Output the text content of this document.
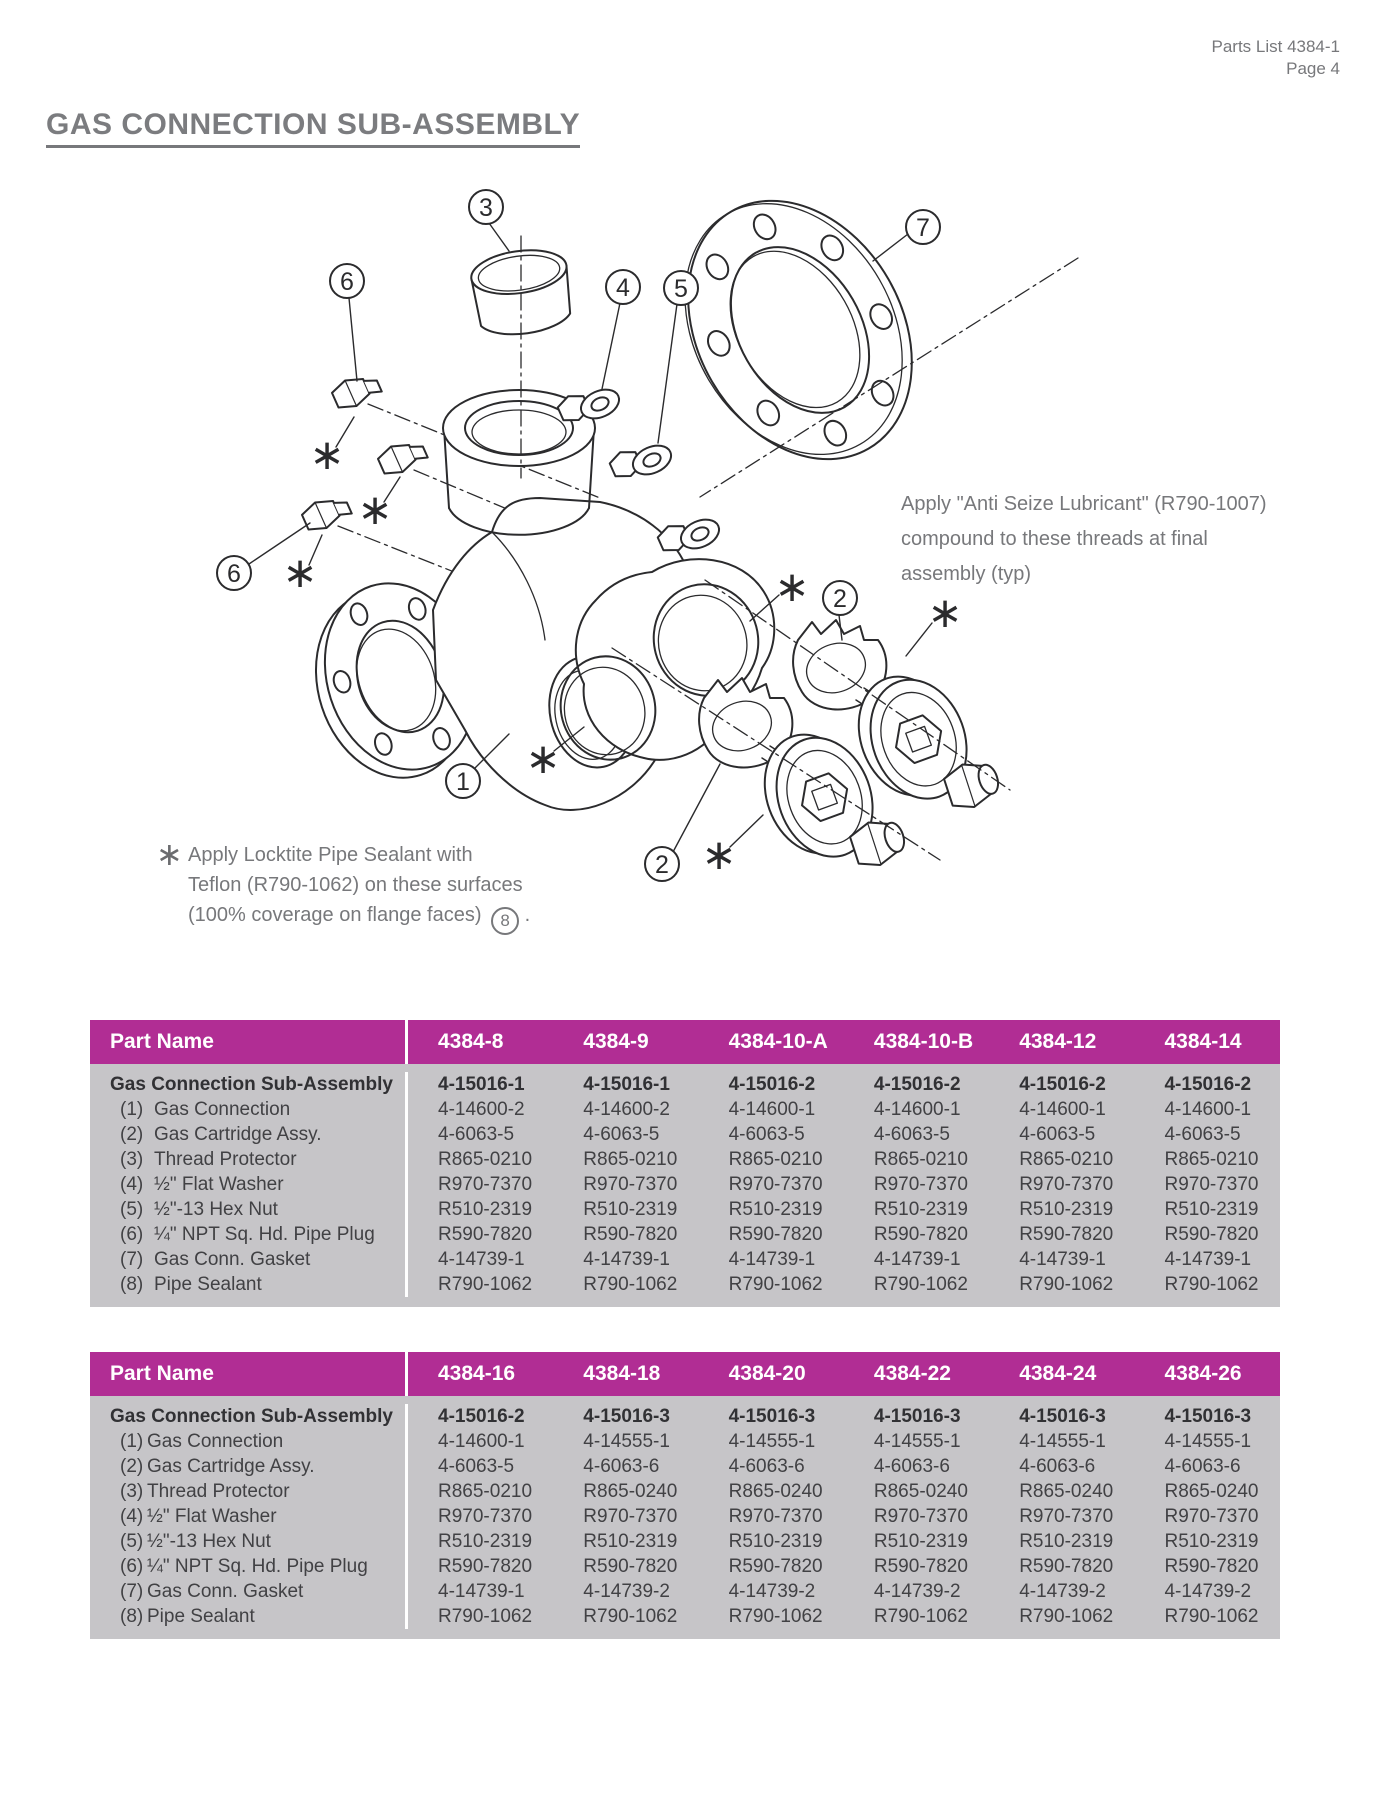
Parts List 4384-1
Page 4
GAS CONNECTION SUB-ASSEMBLY
3
6	4 5
7
6
2
1
2
∗
∗
∗	∗
∗
∗
∗
Apply "Anti Seize Lubricant" (R790-1007)
compound to these threads at final
assembly (typ)
∗ Apply Locktite Pipe Sealant with
Teflon (R790-1062) on these surfaces
(100% coverage on flange faces) 8 .
Part Name	4384-8	4384-9	4384-10-A	4384-10-B	4384-12	4384-14
Gas Connection Sub-Assembly	4-15016-1	4-15016-1	4-15016-2	4-15016-2	4-15016-2	4-15016-2
(1) Gas Connection	4-14600-2	4-14600-2	4-14600-1	4-14600-1	4-14600-1	4-14600-1
(2) Gas Cartridge Assy.	4-6063-5	4-6063-5	4-6063-5	4-6063-5	4-6063-5	4-6063-5
(3) Thread Protector	R865-0210	R865-0210	R865-0210	R865-0210	R865-0210	R865-0210
(4) ½" Flat Washer	R970-7370	R970-7370	R970-7370	R970-7370	R970-7370	R970-7370
(5) ½"-13 Hex Nut	R510-2319	R510-2319	R510-2319	R510-2319	R510-2319	R510-2319
(6) ¼" NPT Sq. Hd. Pipe Plug	R590-7820	R590-7820	R590-7820	R590-7820	R590-7820	R590-7820
(7) Gas Conn. Gasket	4-14739-1	4-14739-1	4-14739-1	4-14739-1	4-14739-1	4-14739-1
(8) Pipe Sealant	R790-1062	R790-1062	R790-1062	R790-1062	R790-1062	R790-1062
Part Name	4384-16	4384-18	4384-20	4384-22	4384-24	4384-26
Gas Connection Sub-Assembly	4-15016-2	4-15016-3	4-15016-3	4-15016-3	4-15016-3	4-15016-3
(1) Gas Connection	4-14600-1	4-14555-1	4-14555-1	4-14555-1	4-14555-1	4-14555-1
(2) Gas Cartridge Assy.	4-6063-5	4-6063-6	4-6063-6	4-6063-6	4-6063-6	4-6063-6
(3) Thread Protector	R865-0210	R865-0240	R865-0240	R865-0240	R865-0240	R865-0240
(4) ½" Flat Washer	R970-7370	R970-7370	R970-7370	R970-7370	R970-7370	R970-7370
(5) ½"-13 Hex Nut	R510-2319	R510-2319	R510-2319	R510-2319	R510-2319	R510-2319
(6) ¼" NPT Sq. Hd. Pipe Plug	R590-7820	R590-7820	R590-7820	R590-7820	R590-7820	R590-7820
(7) Gas Conn. Gasket	4-14739-1	4-14739-2	4-14739-2	4-14739-2	4-14739-2	4-14739-2
(8) Pipe Sealant	R790-1062	R790-1062	R790-1062	R790-1062	R790-1062	R790-1062
